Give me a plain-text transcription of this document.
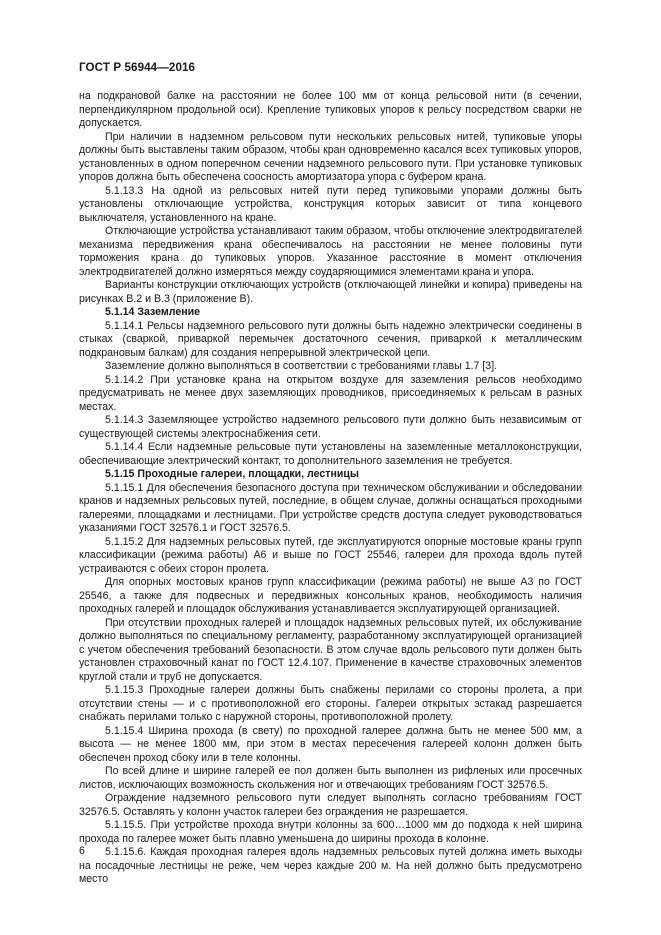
ГОСТ Р 56944—2016

на подкрановой балке на расстоянии не более 100 мм от конца рельсовой нити (в сечении, перпендикулярном продольной оси). Крепление тупиковых упоров к рельсу посредством сварки не допускается.

При наличии в надземном рельсовом пути нескольких рельсовых нитей, тупиковые упоры должны быть выставлены таким образом, чтобы кран одновременно касался всех тупиковых упоров, установленных в одном поперечном сечении надземного рельсового пути. При установке тупиковых упоров должна быть обеспечена соосность амортизатора упора с буфером крана.

5.1.13.3 На одной из рельсовых нитей пути перед тупиковыми упорами должны быть установлены отключающие устройства, конструкция которых зависит от типа концевого выключателя, установленного на кране.

Отключающие устройства устанавливают таким образом, чтобы отключение электродвигателей механизма передвижения крана обеспечивалось на расстоянии не менее половины пути торможения крана до тупиковых упоров. Указанное расстояние в момент отключения электродвигателей должно измеряться между соударяющимися элементами крана и упора.

Варианты конструкции отключающих устройств (отключающей линейки и копира) приведены на рисунках В.2 и В.3 (приложение В).

5.1.14 Заземление

5.1.14.1 Рельсы надземного рельсового пути должны быть надежно электрически соединены в стыках (сваркой, приваркой перемычек достаточного сечения, приваркой к металлическим подкрановым балкам) для создания непрерывной электрической цепи.

Заземление должно выполняться в соответствии с требованиями главы 1.7 [3].

5.1.14.2 При установке крана на открытом воздухе для заземления рельсов необходимо предусматривать не менее двух заземляющих проводников, присоединяемых к рельсам в разных местах.

5.1.14.3 Заземляющее устройство надземного рельсового пути должно быть независимым от существующей системы электроснабжения сети.

5.1.14.4 Если надземные рельсовые пути установлены на заземленные металлоконструкции, обеспечивающие электрический контакт, то дополнительного заземления не требуется.

5.1.15 Проходные галереи, площадки, лестницы

5.1.15.1 Для обеспечения безопасного доступа при техническом обслуживании и обследовании кранов и надземных рельсовых путей, последние, в общем случае, должны оснащаться проходными галереями, площадками и лестницами. При устройстве средств доступа следует руководствоваться указаниями ГОСТ 32576.1 и ГОСТ 32576.5.

5.1.15.2 Для надземных рельсовых путей, где эксплуатируются опорные мостовые краны групп классификации (режима работы) А6 и выше по ГОСТ 25546, галереи для прохода вдоль путей устраиваются с обеих сторон пролета.

Для опорных мостовых кранов групп классификации (режима работы) не выше А3 по ГОСТ 25546, а также для подвесных и передвижных консольных кранов, необходимость наличия проходных галерей и площадок обслуживания устанавливается эксплуатирующей организацией.

При отсутствии проходных галерей и площадок надземных рельсовых путей, их обслуживание должно выполняться по специальному регламенту, разработанному эксплуатирующей организацией с учетом обеспечения требований безопасности. В этом случае вдоль рельсового пути должен быть установлен страховочный канат по ГОСТ 12.4.107. Применение в качестве страховочных элементов круглой стали и труб не допускается.

5.1.15.3 Проходные галереи должны быть снабжены перилами со стороны пролета, а при отсутствии стены — и с противоположной его стороны. Галереи открытых эстакад разрешается снабжать перилами только с наружной стороны, противоположной пролету.

5.1.15.4 Ширина прохода (в свету) по проходной галерее должна быть не менее 500 мм, а высота — не менее 1800 мм, при этом в местах пересечения галереей колонн должен быть обеспечен проход сбоку или в теле колонны.

По всей длине и ширине галерей ее пол должен быть выполнен из рифленых или просечных листов, исключающих возможность скольжения ног и отвечающих требованиям ГОСТ 32576.5.

Ограждение надземного рельсового пути следует выполнять согласно требованиям ГОСТ 32576.5. Оставлять у колонн участок галереи без ограждения не разрешается.

5.1.15.5. При устройстве прохода внутри колонны за 600…1000 мм до подхода к ней ширина прохода по галерее может быть плавно уменьшена до ширины прохода в колонне.

5.1.15.6. Каждая проходная галерея вдоль надземных рельсовых путей должна иметь выходы на посадочные лестницы не реже, чем через каждые 200 м. На ней должно быть предусмотрено место

6
